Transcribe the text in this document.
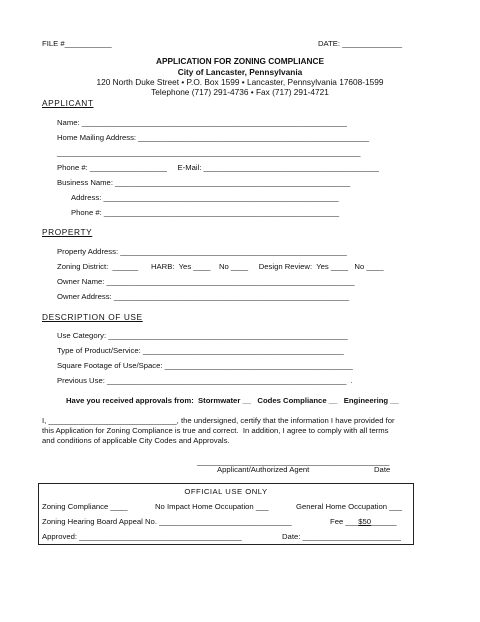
FILE #___________	DATE: ______________
APPLICATION FOR ZONING COMPLIANCE
City of Lancaster, Pennsylvania
120 North Duke Street • P.O. Box 1599 • Lancaster, Pennsylvania 17608-1599
Telephone (717) 291-4736 • Fax (717) 291-4721
APPLICANT
Name: ______________________________________________________________
Home Mailing Address: ______________________________________________________
_______________________________________________________________________
Phone #: __________________     E-Mail: _________________________________________
Business Name: _______________________________________________________
Address: _______________________________________________________
Phone #: _______________________________________________________
PROPERTY
Property Address: _____________________________________________________
Zoning District:  ______      HARB:  Yes ____    No ____     Design Review:  Yes ____   No ____
Owner Name: __________________________________________________________
Owner Address: _______________________________________________________
DESCRIPTION OF USE
Use Category: ________________________________________________________
Type of Product/Service: _______________________________________________
Square Footage of Use/Space: ____________________________________________
Previous Use: ________________________________________________________  .
Have you received approvals from:  Stormwater __   Codes Compliance __   Engineering __
I, ______________________________, the undersigned, certify that the information I have provided for
this Application for Zoning Compliance is true and correct.  In addition, I agree to comply with all terms
and conditions of applicable City Codes and Approvals.
_____________________________________________
Applicant/Authorized Agent	Date
OFFICIAL USE ONLY
Zoning Compliance ____	No Impact Home Occupation ___	General Home Occupation ___
Zoning Hearing Board Appeal No. _______________________________	Fee ___$50______
Approved: ______________________________________	Date: _______________________
